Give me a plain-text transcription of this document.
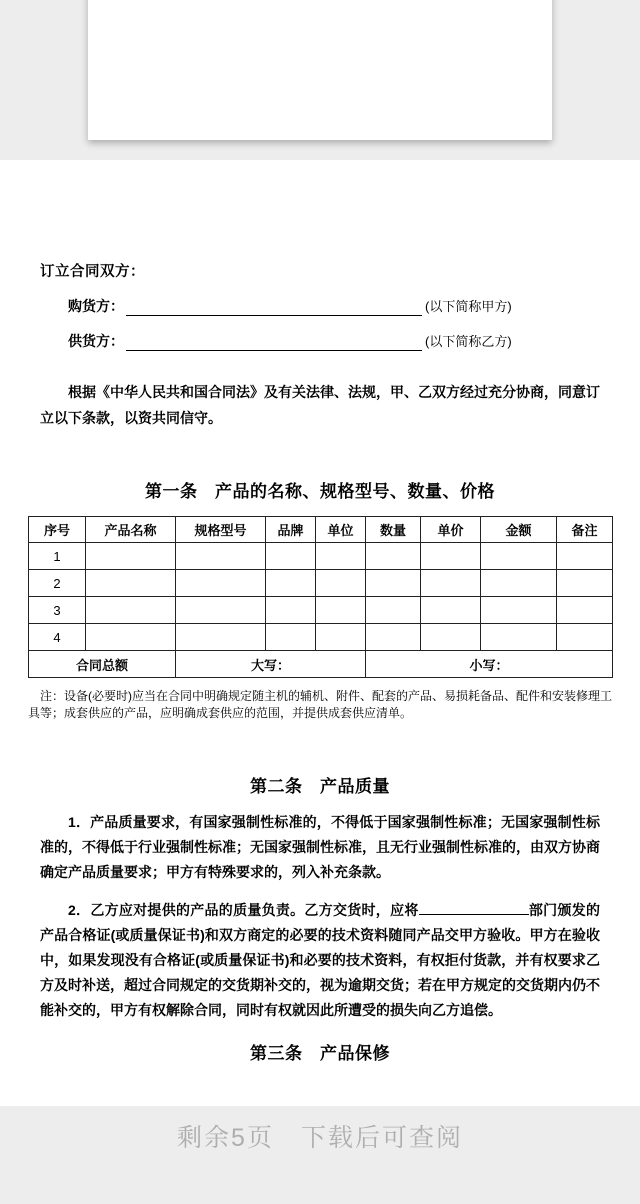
订立合同双方：
购货方：	(以下简称甲方)
供货方：	(以下简称乙方)

根据《中华人民共和国合同法》及有关法律、法规，甲、乙双方经过充分协商，同意订立以下条款，以资共同信守。

第一条　产品的名称、规格型号、数量、价格
序号	产品名称	规格型号	品牌	单位	数量	单价	金额	备注
1								
2								
3								
4								
合同总额		大写：			小写：			

注：设备(必要时)应当在合同中明确规定随主机的辅机、附件、配套的产品、易损耗备品、配件和安装修理工具等；成套供应的产品，应明确成套供应的范围，并提供成套供应清单。

第二条　产品质量

1．产品质量要求，有国家强制性标准的，不得低于国家强制性标准；无国家强制性标准的，不得低于行业强制性标准；无国家强制性标准，且无行业强制性标准的，由双方协商确定产品质量要求；甲方有特殊要求的，列入补充条款。

2．乙方应对提供的产品的质量负责。乙方交货时，应将	部门颁发的产品合格证(或质量保证书)和双方商定的必要的技术资料随同产品交甲方验收。甲方在验收中，如果发现没有合格证(或质量保证书)和必要的技术资料，有权拒付货款，并有权要求乙方及时补送，超过合同规定的交货期补交的，视为逾期交货；若在甲方规定的交货期内仍不能补交的，甲方有权解除合同，同时有权就因此所遭受的损失向乙方追偿。

第三条　产品保修
剩余5页　下载后可查阅
